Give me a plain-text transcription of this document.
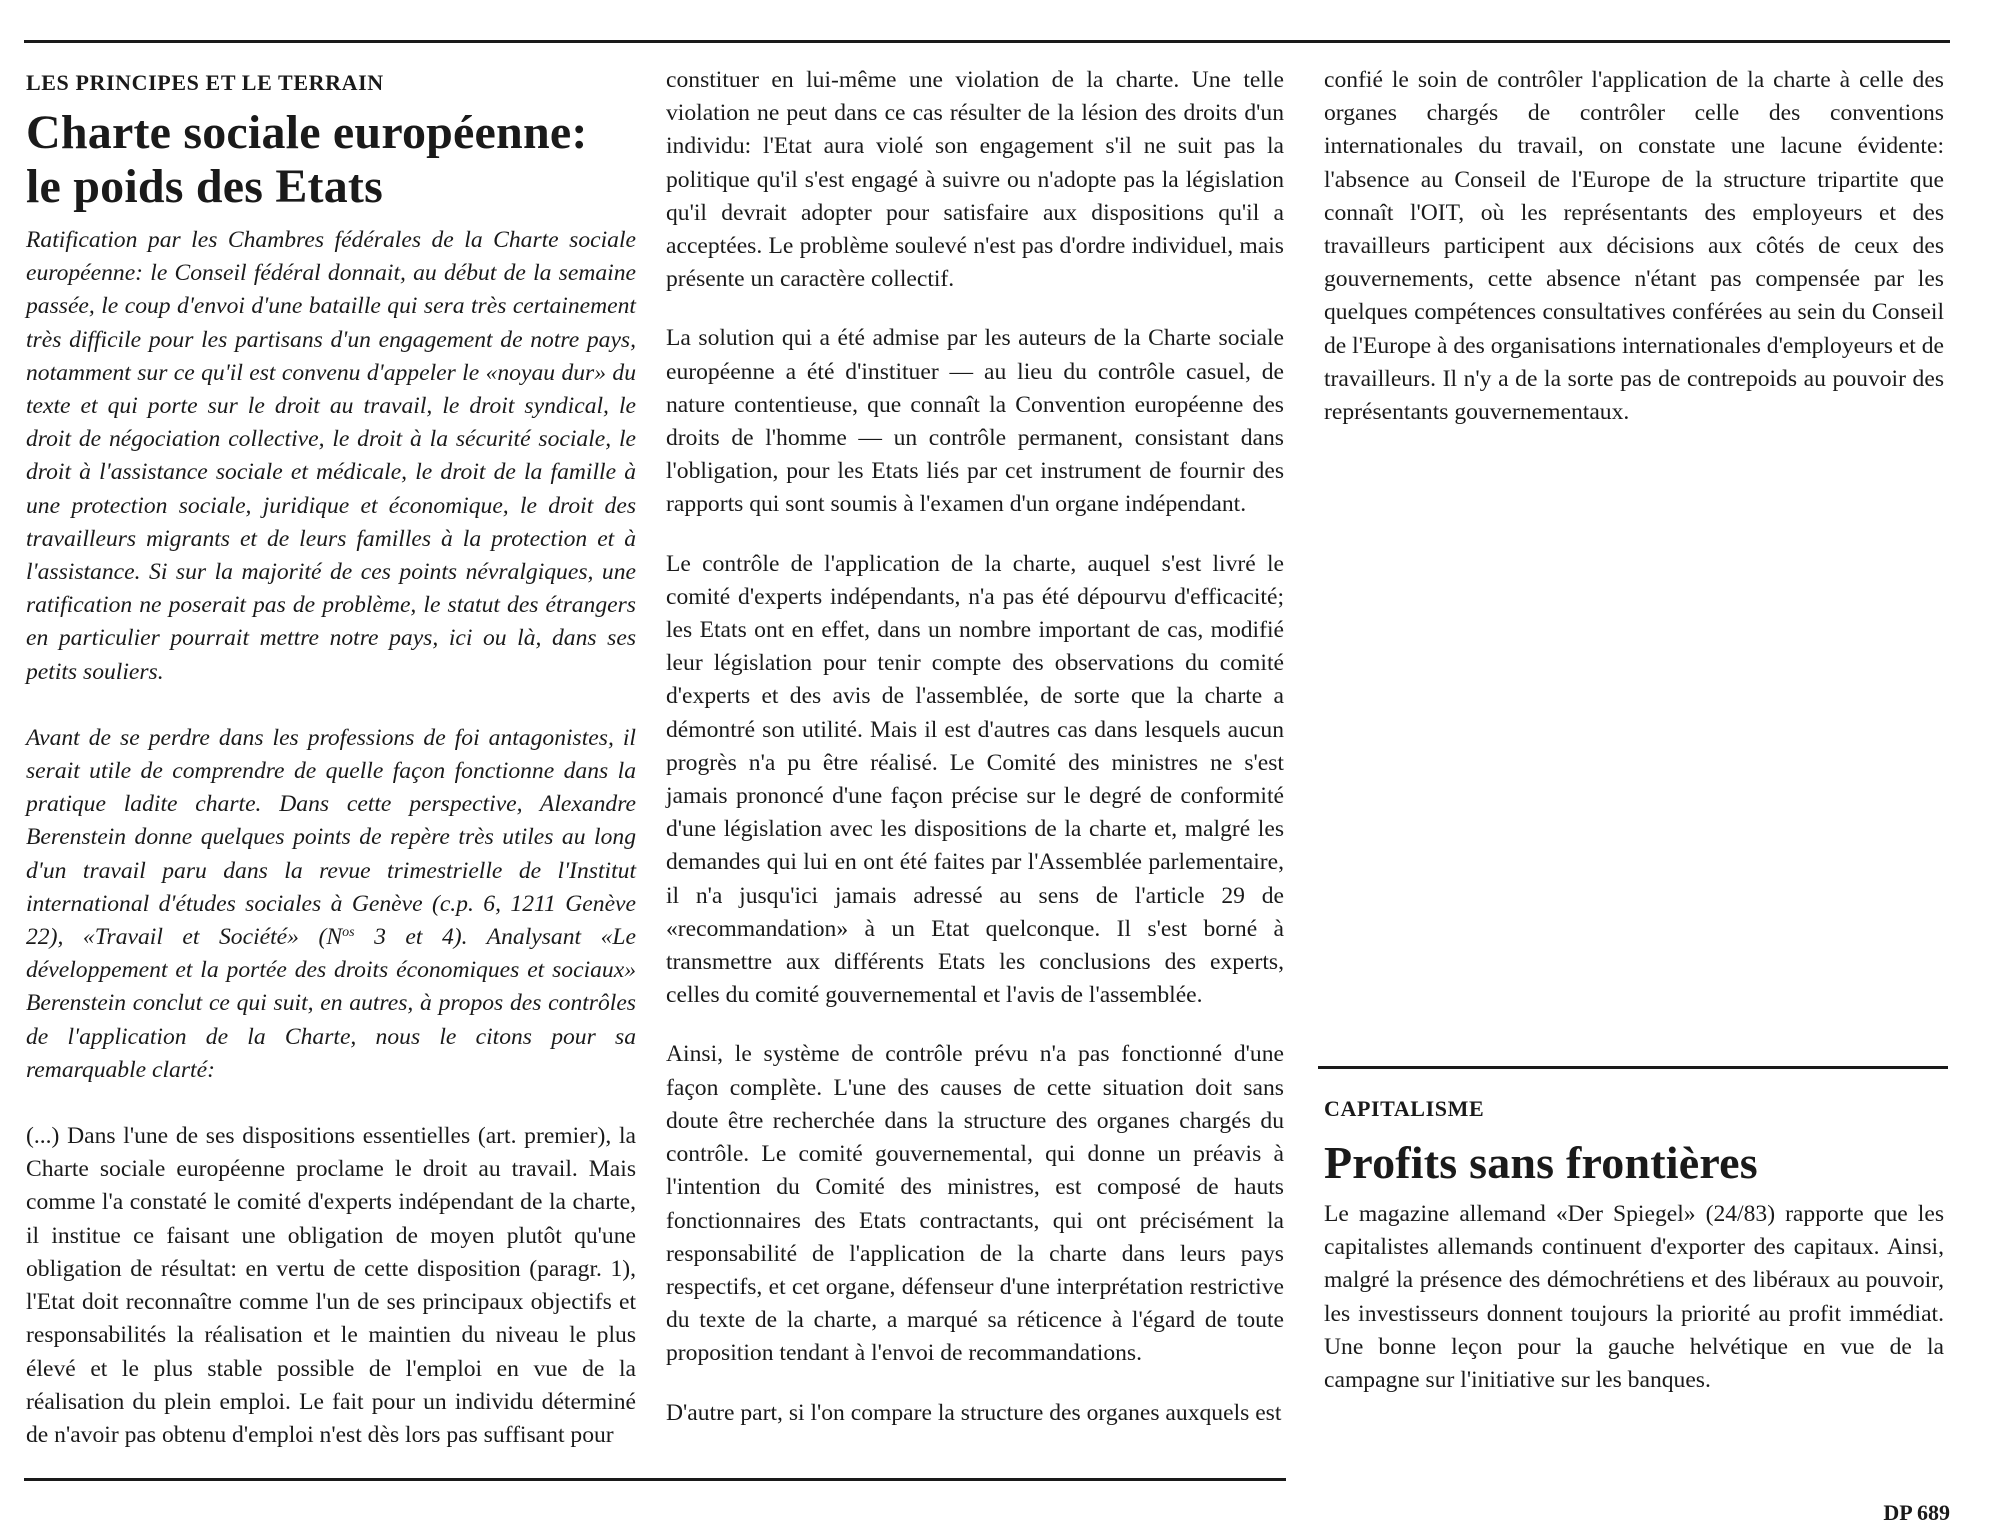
LES PRINCIPES ET LE TERRAIN
Charte sociale européenne:
le poids des Etats

Ratification par les Chambres fédérales de la Charte sociale européenne: le Conseil fédéral donnait, au début de la semaine passée, le coup d'envoi d'une bataille qui sera très certainement très difficile pour les partisans d'un engagement de notre pays, notamment sur ce qu'il est convenu d'appeler le «noyau dur» du texte et qui porte sur le droit au travail, le droit syndical, le droit de négociation collective, le droit à la sécurité sociale, le droit à l'assistance sociale et médicale, le droit de la famille à une protection sociale, juridique et économique, le droit des travailleurs migrants et de leurs familles à la protection et à l'assistance. Si sur la majorité de ces points névralgiques, une ratification ne poserait pas de problème, le statut des étrangers en particulier pourrait mettre notre pays, ici ou là, dans ses petits souliers.

Avant de se perdre dans les professions de foi antagonistes, il serait utile de comprendre de quelle façon fonctionne dans la pratique ladite charte. Dans cette perspective, Alexandre Berenstein donne quelques points de repère très utiles au long d'un travail paru dans la revue trimestrielle de l'Institut international d'études sociales à Genève (c.p. 6, 1211 Genève 22), «Travail et Société» ($N^{os}$ 3 et 4). Analysant «Le développement et la portée des droits économiques et sociaux» Berenstein conclut ce qui suit, en autres, à propos des contrôles de l'application de la Charte, nous le citons pour sa remarquable clarté:

(...) Dans l'une de ses dispositions essentielles (art. premier), la Charte sociale européenne proclame le droit au travail. Mais comme l'a constaté le comité d'experts indépendant de la charte, il institue ce faisant une obligation de moyen plutôt qu'une obligation de résultat: en vertu de cette disposition (paragr. 1), l'Etat doit reconnaître comme l'un de ses principaux objectifs et responsabilités la réalisation et le maintien du niveau le plus élevé et le plus stable possible de l'emploi en vue de la réalisation du plein emploi. Le fait pour un individu déterminé de n'avoir pas obtenu d'emploi n'est dès lors pas suffisant pour

constituer en lui-même une violation de la charte. Une telle violation ne peut dans ce cas résulter de la lésion des droits d'un individu: l'Etat aura violé son engagement s'il ne suit pas la politique qu'il s'est engagé à suivre ou n'adopte pas la législation qu'il devrait adopter pour satisfaire aux dispositions qu'il a acceptées. Le problème soulevé n'est pas d'ordre individuel, mais présente un caractère collectif.

La solution qui a été admise par les auteurs de la Charte sociale européenne a été d'instituer — au lieu du contrôle casuel, de nature contentieuse, que connaît la Convention européenne des droits de l'homme — un contrôle permanent, consistant dans l'obligation, pour les Etats liés par cet instrument de fournir des rapports qui sont soumis à l'examen d'un organe indépendant.

Le contrôle de l'application de la charte, auquel s'est livré le comité d'experts indépendants, n'a pas été dépourvu d'efficacité; les Etats ont en effet, dans un nombre important de cas, modifié leur législation pour tenir compte des observations du comité d'experts et des avis de l'assemblée, de sorte que la charte a démontré son utilité. Mais il est d'autres cas dans lesquels aucun progrès n'a pu être réalisé. Le Comité des ministres ne s'est jamais prononcé d'une façon précise sur le degré de conformité d'une législation avec les dispositions de la charte et, malgré les demandes qui lui en ont été faites par l'Assemblée parlementaire, il n'a jusqu'ici jamais adressé au sens de l'article 29 de «recommandation» à un Etat quelconque. Il s'est borné à transmettre aux différents Etats les conclusions des experts, celles du comité gouvernemental et l'avis de l'assemblée.

Ainsi, le système de contrôle prévu n'a pas fonctionné d'une façon complète. L'une des causes de cette situation doit sans doute être recherchée dans la structure des organes chargés du contrôle. Le comité gouvernemental, qui donne un préavis à l'intention du Comité des ministres, est composé de hauts fonctionnaires des Etats contractants, qui ont précisément la responsabilité de l'application de la charte dans leurs pays respectifs, et cet organe, défenseur d'une interprétation restrictive du texte de la charte, a marqué sa réticence à l'égard de toute proposition tendant à l'envoi de recommandations.

D'autre part, si l'on compare la structure des organes auxquels est

confié le soin de contrôler l'application de la charte à celle des organes chargés de contrôler celle des conventions internationales du travail, on constate une lacune évidente: l'absence au Conseil de l'Europe de la structure tripartite que connaît l'OIT, où les représentants des employeurs et des travailleurs participent aux décisions aux côtés de ceux des gouvernements, cette absence n'étant pas compensée par les quelques compétences consultatives conférées au sein du Conseil de l'Europe à des organisations internationales d'employeurs et de travailleurs. Il n'y a de la sorte pas de contrepoids au pouvoir des représentants gouvernementaux.

CAPITALISME
Profits sans frontières

Le magazine allemand «Der Spiegel» (24/83) rapporte que les capitalistes allemands continuent d'exporter des capitaux. Ainsi, malgré la présence des démochrétiens et des libéraux au pouvoir, les investisseurs donnent toujours la priorité au profit immédiat. Une bonne leçon pour la gauche helvétique en vue de la campagne sur l'initiative sur les banques.

DP 689
